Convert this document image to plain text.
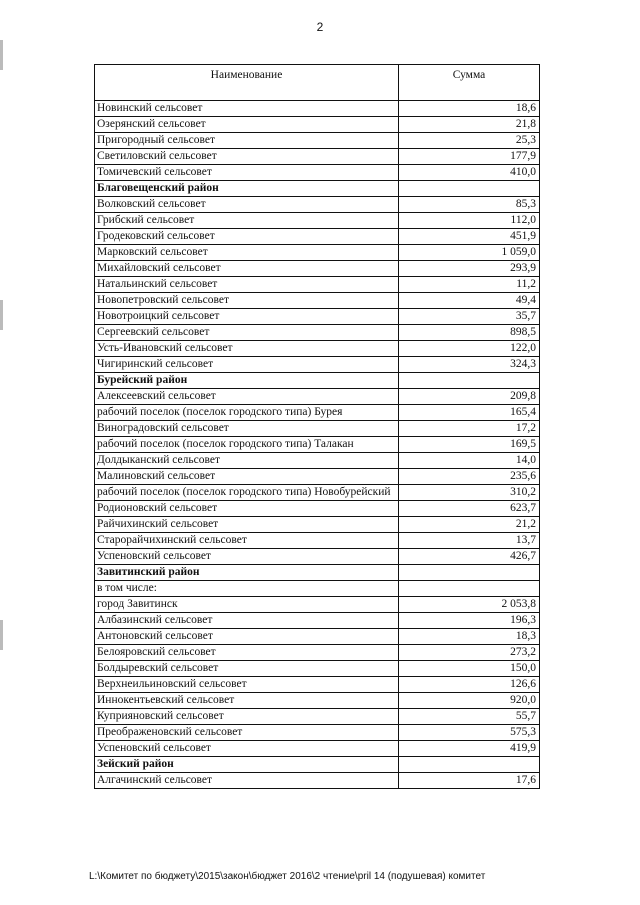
2
Наименование	Сумма
Новинский сельсовет	18,6
Озерянский сельсовет	21,8
Пригородный сельсовет	25,3
Светиловский сельсовет	177,9
Томичевский сельсовет	410,0
Благовещенский район	
Волковский сельсовет	85,3
Грибский сельсовет	112,0
Гродековский сельсовет	451,9
Марковский сельсовет	1 059,0
Михайловский сельсовет	293,9
Натальинский сельсовет	11,2
Новопетровский сельсовет	49,4
Новотроицкий сельсовет	35,7
Сергеевский сельсовет	898,5
Усть-Ивановский сельсовет	122,0
Чигиринский сельсовет	324,3
Бурейский район	
Алексеевский сельсовет	209,8
рабочий поселок (поселок городского типа) Бурея	165,4
Виноградовский сельсовет	17,2
рабочий поселок (поселок городского типа) Талакан	169,5
Долдыканский сельсовет	14,0
Малиновский сельсовет	235,6
рабочий поселок (поселок городского типа) Новобурейский	310,2
Родионовский сельсовет	623,7
Райчихинский сельсовет	21,2
Старорайчихинский сельсовет	13,7
Успеновский сельсовет	426,7
Завитинский район	
в том числе:	
город Завитинск	2 053,8
Албазинский сельсовет	196,3
Антоновский сельсовет	18,3
Белояровский сельсовет	273,2
Болдыревский сельсовет	150,0
Верхнеильиновский сельсовет	126,6
Иннокентьевский сельсовет	920,0
Куприяновский сельсовет	55,7
Преображеновский сельсовет	575,3
Успеновский сельсовет	419,9
Зейский район	
Алгачинский сельсовет	17,6
L:\Комитет по бюджету\2015\закон\бюджет 2016\2 чтение\pril 14 (подушевая) комитет
